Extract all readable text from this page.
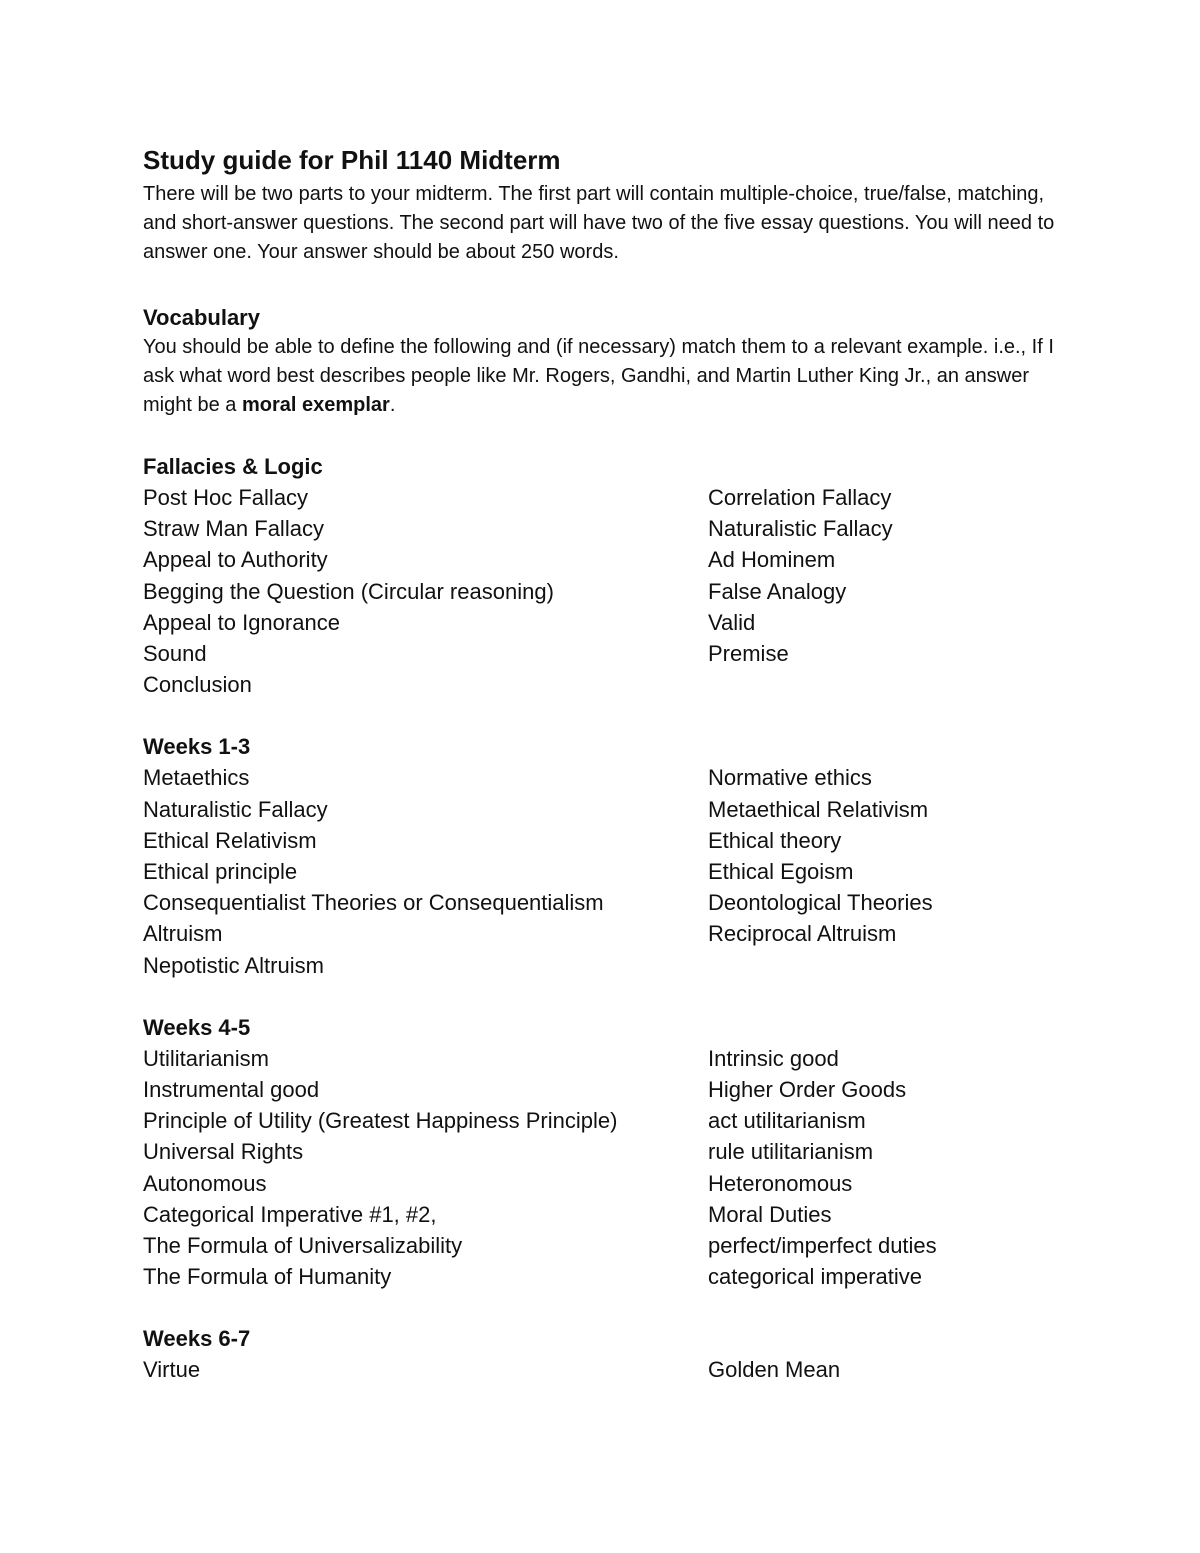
Study guide for Phil 1140 Midterm

There will be two parts to your midterm. The first part will contain multiple-choice, true/false, matching, and short-answer questions. The second part will have two of the five essay questions. You will need to answer one. Your answer should be about 250 words.

Vocabulary

You should be able to define the following and (if necessary) match them to a relevant example. i.e., If I ask what word best describes people like Mr. Rogers, Gandhi, and Martin Luther King Jr., an answer might be a moral exemplar.

Fallacies & Logic
Post Hoc Fallacy	Correlation Fallacy
Straw Man Fallacy	Naturalistic Fallacy
Appeal to Authority	Ad Hominem
Begging the Question (Circular reasoning)	False Analogy
Appeal to Ignorance	Valid
Sound	Premise
Conclusion
Weeks 1-3
Metaethics	Normative ethics
Naturalistic Fallacy	Metaethical Relativism
Ethical Relativism	Ethical theory
Ethical principle	Ethical Egoism
Consequentialist Theories or Consequentialism	Deontological Theories
Altruism	Reciprocal Altruism
Nepotistic Altruism
Weeks 4-5
Utilitarianism	Intrinsic good
Instrumental good	Higher Order Goods
Principle of Utility (Greatest Happiness Principle)	act utilitarianism
Universal Rights	rule utilitarianism
Autonomous	Heteronomous
Categorical Imperative #1, #2,	Moral Duties
The Formula of Universalizability	perfect/imperfect duties
The Formula of Humanity	categorical imperative
Weeks 6-7
Virtue	Golden Mean
